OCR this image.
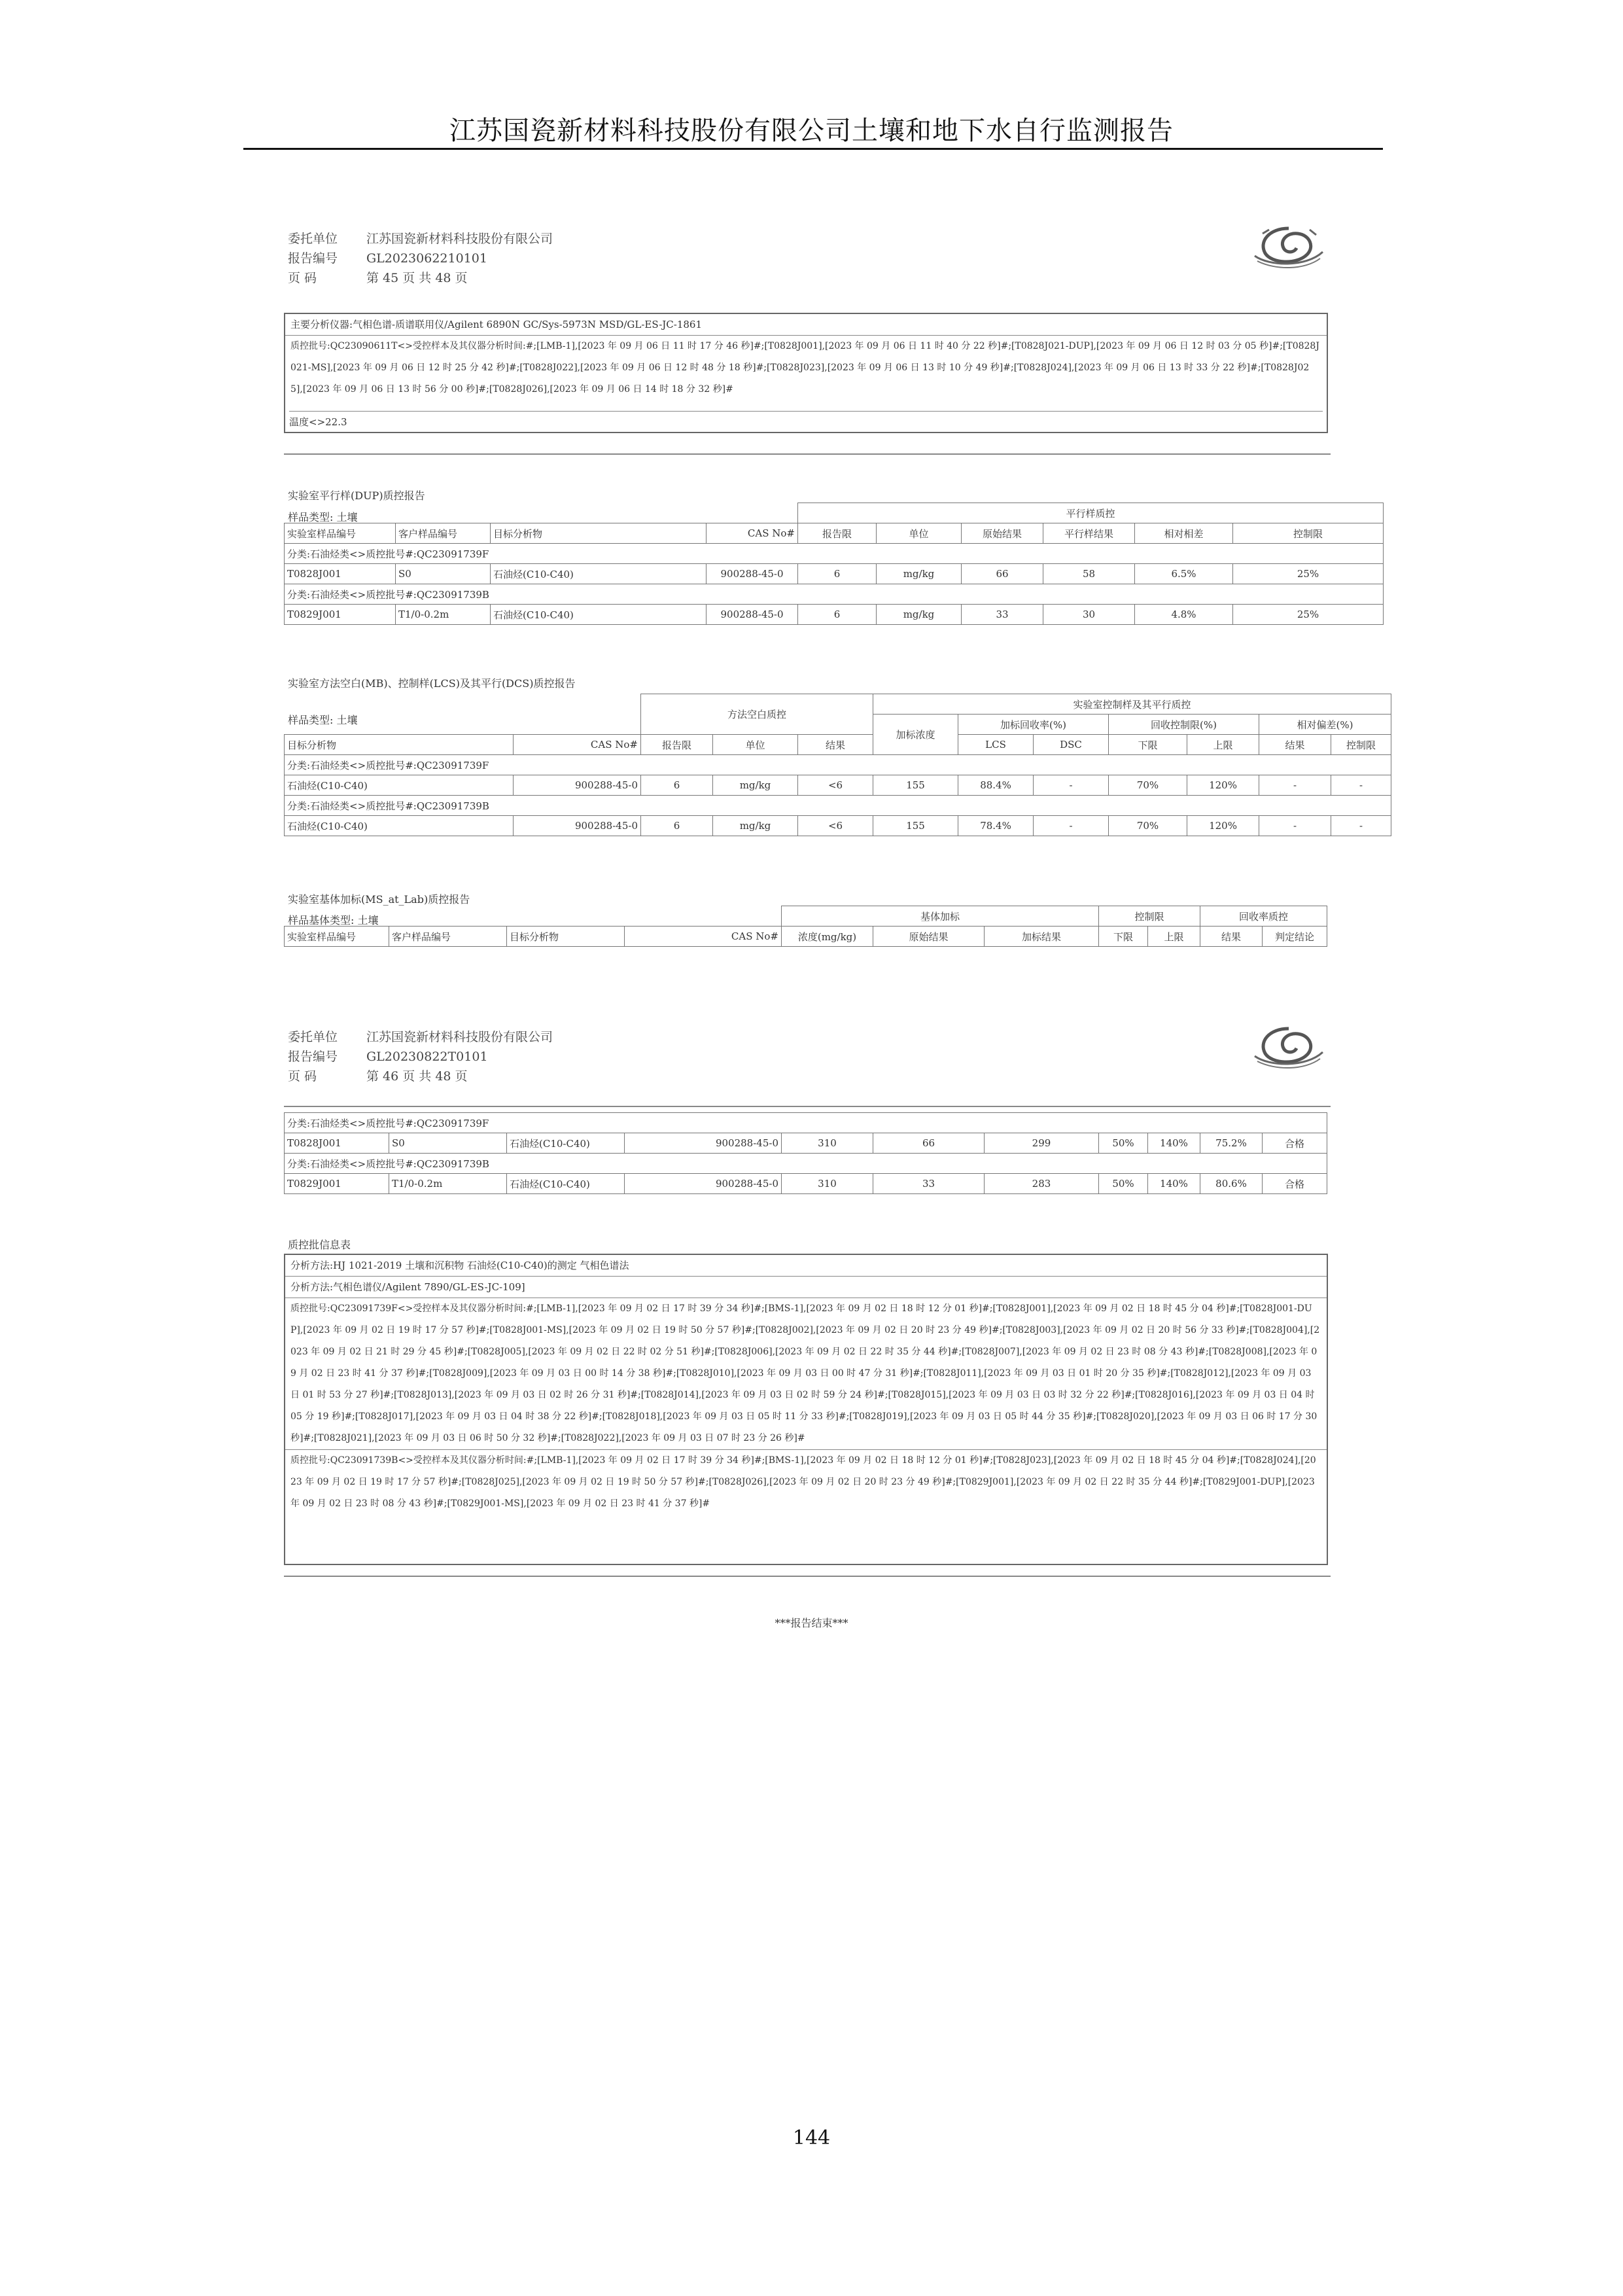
江苏国瓷新材料科技股份有限公司土壤和地下水自行监测报告
委托单位 江苏国瓷新材料科技股份有限公司
报告编号 GL2023062210101
页 码	第 45 页 共 48 页
主要分析仪器:气相色谱-质谱联用仪/Agilent 6890N GC/Sys-5973N MSD/GL-ES-JC-1861
质控批号:QC23090611T<>受控样本及其仪器分析时间:#;[LMB-1],[2023 年 09 月 06 日 11 时 17 分 46 秒]#;[T0828J001],[2023 年 09 月 06 日 11 时 40 分 22 秒]#;[T0828J021-DUP],[2023 年 09 月 06 日 12 时 03 分 05 秒]#;[T0828J021-MS],[2023 年 09 月 06 日 12 时 25 分 42 秒]#;[T0828J022],[2023 年 09 月 06 日 12 时 48 分 18 秒]#;[T0828J023],[2023 年 09 月 06 日 13 时 10 分 49 秒]#;[T0828J024],[2023 年 09 月 06 日 13 时 33 分 22 秒]#;[T0828J025],[2023 年 09 月 06 日 13 时 56 分 00 秒]#;[T0828J026],[2023 年 09 月 06 日 14 时 18 分 32 秒]#
温度<>22.3
实验室平行样(DUP)质控报告
样品类型: 土壤
				平行样质控					
实验室样品编号	客户样品编号	目标分析物	CAS No#	报告限	单位	原始结果	平行样结果	相对相差	控制限
分类:石油烃类<>质控批号#:QC23091739F									
T0828J001	S0	石油烃(C10-C40)	900288-45-0	6	mg/kg	66	58	6.5%	25%
分类:石油烃类<>质控批号#:QC23091739B									
T0829J001	T1/0-0.2m	石油烃(C10-C40)	900288-45-0	6	mg/kg	33	30	4.8%	25%
实验室方法空白(MB)、控制样(LCS)及其平行(DCS)质控报告
样品类型: 土壤
		方法空白质控			实验室控制样及其平行质控						
					加标浓度	加标回收率(%)		回收控制限(%)		相对偏差(%)	
目标分析物	CAS No#	报告限	单位	结果		LCS	DSC	下限	上限	结果	控制限
分类:石油烃类<>质控批号#:QC23091739F											
石油烃(C10-C40)	900288-45-0	6	mg/kg	<6	155	88.4%	-	70%	120%	-	-
分类:石油烃类<>质控批号#:QC23091739B											
石油烃(C10-C40)	900288-45-0	6	mg/kg	<6	155	78.4%	-	70%	120%	-	-
实验室基体加标(MS_at_Lab)质控报告
样品基体类型: 土壤
				基体加标			控制限		回收率质控	
实验室样品编号	客户样品编号	目标分析物	CAS No#	浓度(mg/kg)	原始结果	加标结果	下限	上限	结果	判定结论
委托单位 江苏国瓷新材料科技股份有限公司
报告编号 GL20230822T0101
页 码	第 46 页 共 48 页
分类:石油烃类<>质控批号#:QC23091739F										
T0828J001	S0	石油烃(C10-C40)	900288-45-0	310	66	299	50%	140%	75.2%	合格
分类:石油烃类<>质控批号#:QC23091739B										
T0829J001	T1/0-0.2m	石油烃(C10-C40)	900288-45-0	310	33	283	50%	140%	80.6%	合格
质控批信息表
分析方法:HJ 1021-2019 土壤和沉积物 石油烃(C10-C40)的测定 气相色谱法
分析方法:气相色谱仪/Agilent 7890/GL-ES-JC-109]
质控批号:QC23091739F<>受控样本及其仪器分析时间:#;[LMB-1],[2023 年 09 月 02 日 17 时 39 分 34 秒]#;[BMS-1],[2023 年 09 月 02 日 18 时 12 分 01 秒]#;[T0828J001],[2023 年 09 月 02 日 18 时 45 分 04 秒]#;[T0828J001-DUP],[2023 年 09 月 02 日 19 时 17 分 57 秒]#;[T0828J001-MS],[2023 年 09 月 02 日 19 时 50 分 57 秒]#;[T0828J002],[2023 年 09 月 02 日 20 时 23 分 49 秒]#;[T0828J003],[2023 年 09 月 02 日 20 时 56 分 33 秒]#;[T0828J004],[2023 年 09 月 02 日 21 时 29 分 45 秒]#;[T0828J005],[2023 年 09 月 02 日 22 时 02 分 51 秒]#;[T0828J006],[2023 年 09 月 02 日 22 时 35 分 44 秒]#;[T0828J007],[2023 年 09 月 02 日 23 时 08 分 43 秒]#;[T0828J008],[2023 年 09 月 02 日 23 时 41 分 37 秒]#;[T0828J009],[2023 年 09 月 03 日 00 时 14 分 38 秒]#;[T0828J010],[2023 年 09 月 03 日 00 时 47 分 31 秒]#;[T0828J011],[2023 年 09 月 03 日 01 时 20 分 35 秒]#;[T0828J012],[2023 年 09 月 03 日 01 时 53 分 27 秒]#;[T0828J013],[2023 年 09 月 03 日 02 时 26 分 31 秒]#;[T0828J014],[2023 年 09 月 03 日 02 时 59 分 24 秒]#;[T0828J015],[2023 年 09 月 03 日 03 时 32 分 22 秒]#;[T0828J016],[2023 年 09 月 03 日 04 时 05 分 19 秒]#;[T0828J017],[2023 年 09 月 03 日 04 时 38 分 22 秒]#;[T0828J018],[2023 年 09 月 03 日 05 时 11 分 33 秒]#;[T0828J019],[2023 年 09 月 03 日 05 时 44 分 35 秒]#;[T0828J020],[2023 年 09 月 03 日 06 时 17 分 30 秒]#;[T0828J021],[2023 年 09 月 03 日 06 时 50 分 32 秒]#;[T0828J022],[2023 年 09 月 03 日 07 时 23 分 26 秒]#
质控批号:QC23091739B<>受控样本及其仪器分析时间:#;[LMB-1],[2023 年 09 月 02 日 17 时 39 分 34 秒]#;[BMS-1],[2023 年 09 月 02 日 18 时 12 分 01 秒]#;[T0828J023],[2023 年 09 月 02 日 18 时 45 分 04 秒]#;[T0828J024],[2023 年 09 月 02 日 19 时 17 分 57 秒]#;[T0828J025],[2023 年 09 月 02 日 19 时 50 分 57 秒]#;[T0828J026],[2023 年 09 月 02 日 20 时 23 分 49 秒]#;[T0829J001],[2023 年 09 月 02 日 22 时 35 分 44 秒]#;[T0829J001-DUP],[2023 年 09 月 02 日 23 时 08 分 43 秒]#;[T0829J001-MS],[2023 年 09 月 02 日 23 时 41 分 37 秒]#
***报告结束***
144
